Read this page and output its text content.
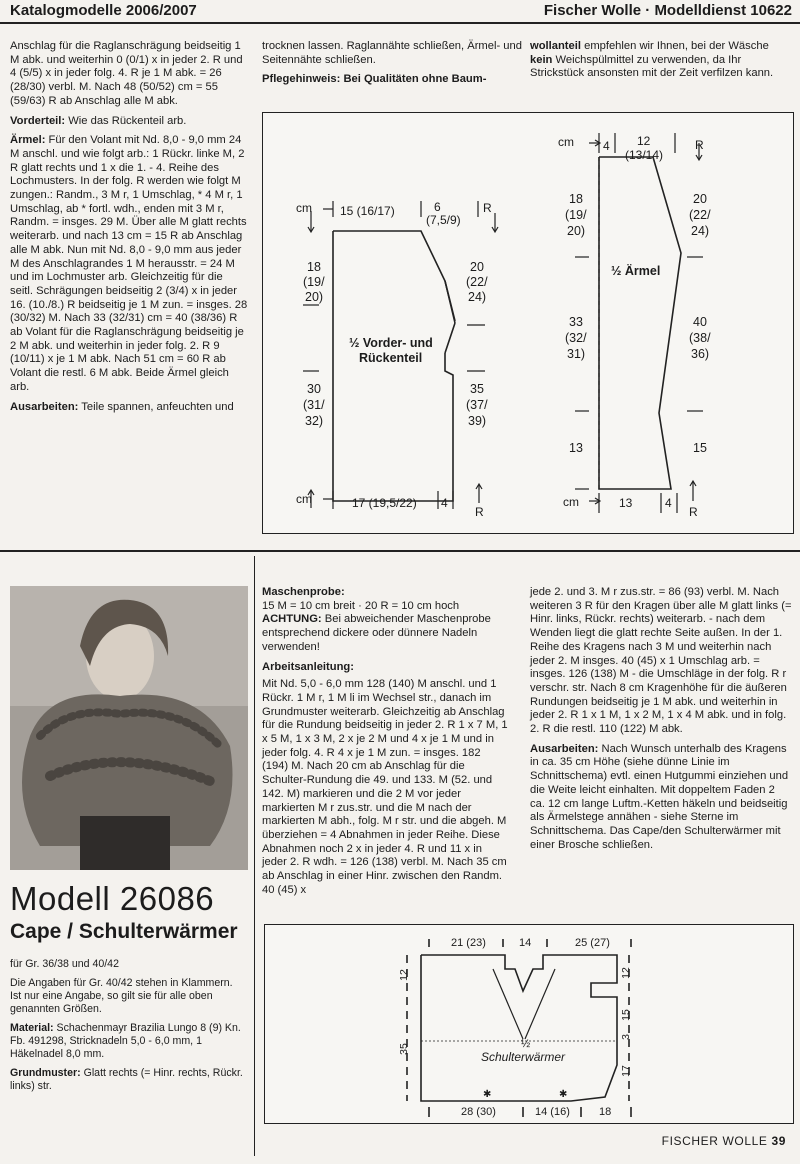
Katalogmodelle 2006/2007	Fischer Wolle · Modelldienst 10622

Anschlag für die Raglanschrägung beidseitig 1 M abk. und weiterhin 0 (0/1) x in jeder 2. R und 4 (5/5) x in jeder folg. 4. R je 1 M abk. = 26 (28/30) verbl. M. Nach 48 (50/52) cm = 55 (59/63) R ab Anschlag alle M abk.

Vorderteil: Wie das Rückenteil arb.

Ärmel: Für den Volant mit Nd. 8,0 - 9,0 mm 24 M anschl. und wie folgt arb.: 1 Rückr. linke M, 2 R glatt rechts und 1 x die 1. - 4. Reihe des Lochmusters. In der folg. R werden wie folgt M zungen.: Randm., 3 M r, 1 Umschlag, * 4 M r, 1 Umschlag, ab * fortl. wdh., enden mit 3 M r, Randm. = insges. 29 M. Über alle M glatt rechts weiterarb. und nach 13 cm = 15 R ab Anschlag alle M abk. Nun mit Nd. 8,0 - 9,0 mm aus jeder M des Anschlagrandes 1 M herausstr. = 24 M und im Lochmuster arb. Gleichzeitig für die seitl. Schrägungen beidseitig 2 (3/4) x in jeder 16. (10./8.) R beidseitig je 1 M zun. = insges. 28 (30/32) M. Nach 33 (32/31) cm = 40 (38/36) R ab Volant für die Raglanschrägung beidseitig je 2 M abk. und weiterhin in jeder folg. 2. R 9 (10/11) x je 1 M abk. Nach 51 cm = 60 R ab Volant die restl. 6 M abk. Beide Ärmel gleich arb.

Ausarbeiten: Teile spannen, anfeuchten und

trocknen lassen. Raglannähte schließen, Ärmel- und Seitennähte schließen.

Pflegehinweis: Bei Qualitäten ohne Baum-

wollanteil empfehlen wir Ihnen, bei der Wäsche kein Weichspülmittel zu verwenden, da Ihr Strickstück ansonsten mit der Zeit verfilzen kann.

cm 15 (16/17)	6
(7,5/9)
R
18 (19/ 20)
30 (31/ 32)
20 (22/ 24)
35 (37/ 39)
½ Vorder- und Rückenteil
cm	17 (19,5/22) 4
R
cm 4 12
(13/14)
R
18 (19/ 20)
33 (32/ 31)
13
20 (22/ 24)
40 (38/ 36)
15
½ Ärmel
cm	13	4
R
Modell 26086
Cape / Schulterwärmer

für Gr. 36/38 und 40/42

Die Angaben für Gr. 40/42 stehen in Klammern. Ist nur eine Angabe, so gilt sie für alle oben genannten Größen.

Material: Schachenmayr Brazilia Lungo 8 (9) Kn. Fb. 491298, Stricknadeln 5,0 - 6,0 mm, 1 Häkelnadel 8,0 mm.

Grundmuster: Glatt rechts (= Hinr. rechts, Rückr. links) str.

Maschenprobe:

15 M = 10 cm breit · 20 R = 10 cm hoch

ACHTUNG: Bei abweichender Maschenprobe entsprechend dickere oder dünnere Nadeln verwenden!

Arbeitsanleitung:

Mit Nd. 5,0 - 6,0 mm 128 (140) M anschl. und 1 Rückr. 1 M r, 1 M li im Wechsel str., danach im Grundmuster weiterarb. Gleichzeitig ab Anschlag für die Rundung beidseitig in jeder 2. R 1 x 7 M, 1 x 5 M, 1 x 3 M, 2 x je 2 M und 4 x je 1 M und in jeder folg. 4. R 4 x je 1 M zun. = insges. 182 (194) M. Nach 20 cm ab Anschlag für die Schulter-Rundung die 49. und 133. M (52. und 142. M) markieren und die 2 M vor jeder markierten M r zus.str. und die M nach der markierten M abh., folg. M r str. und die abgeh. M überziehen = 4 Abnahmen in jeder Reihe. Diese Abnahmen noch 2 x in jeder 4. R und 11 x in jeder 2. R wdh. = 126 (138) verbl. M. Nach 35 cm ab Anschlag in einer Hinr. zwischen den Randm. 40 (45) x

jede 2. und 3. M r zus.str. = 86 (93) verbl. M. Nach weiteren 3 R für den Kragen über alle M glatt links (= Hinr. links, Rückr. rechts) weiterarb. - nach dem Wenden liegt die glatt rechte Seite außen. In der 1. Reihe des Kragens nach 3 M und weiterhin nach jeder 2. M insges. 40 (45) x 1 Umschlag arb. = insges. 126 (138) M - die Umschläge in der folg. R r verschr. str. Nach 8 cm Kragenhöhe für die äußeren Rundungen beidseitig je 1 M abk. und weiterhin in jeder 2. R 1 x 1 M, 1 x 2 M, 1 x 4 M abk. und in folg. 2. R die restl. 110 (122) M abk.

Ausarbeiten: Nach Wunsch unterhalb des Kragens in ca. 35 cm Höhe (siehe dünne Linie im Schnittschema) evtl. einen Hutgummi einziehen und die Weite leicht einhalten. Mit doppeltem Faden 2 ca. 12 cm lange Luftm.-Ketten häkeln und beidseitig als Ärmelstege annähen - siehe Sterne im Schnittschema. Das Cape/den Schulterwärmer mit einer Brosche schließen.

21 (23)	14	25 (27)
28 (30)	14 (16)	18
12
35
12
15
3
17
½
Schulterwärmer
✱	✱
FISCHER WOLLE 39
